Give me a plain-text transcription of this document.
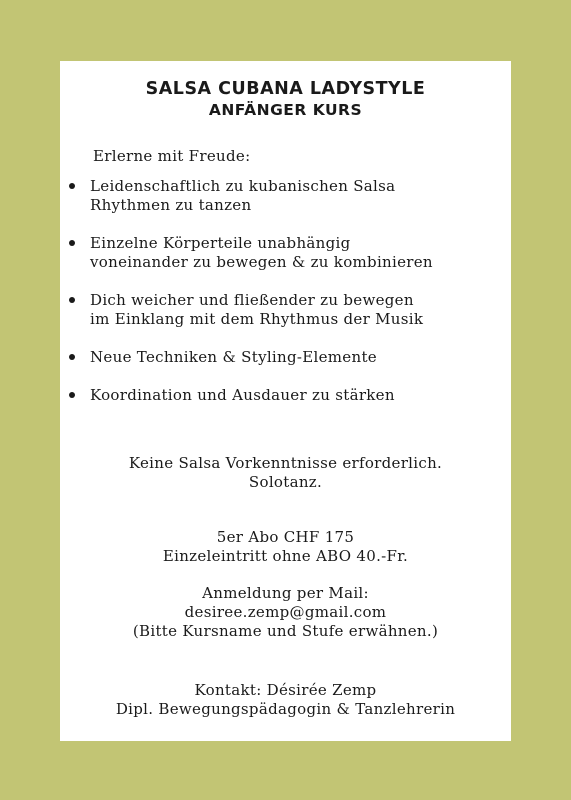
SALSA CUBANA LADYSTYLE
ANFÄNGER KURS
Erlerne mit Freude:
Leidenschaftlich zu kubanischen Salsa
Rhythmen zu tanzen
Einzelne Körperteile unabhängig
voneinander zu bewegen & zu kombinieren
Dich weicher und fließender zu bewegen
im Einklang mit dem Rhythmus der Musik
Neue Techniken & Styling-Elemente
Koordination und Ausdauer zu stärken
Keine Salsa Vorkenntnisse erforderlich.
Solotanz.
5er Abo CHF 175
Einzeleintritt ohne ABO 40.-Fr.
Anmeldung per Mail:
desiree.zemp@gmail.com
(Bitte Kursname und Stufe erwähnen.)
Kontakt: Désirée Zemp
Dipl. Bewegungspädagogin & Tanzlehrerin
